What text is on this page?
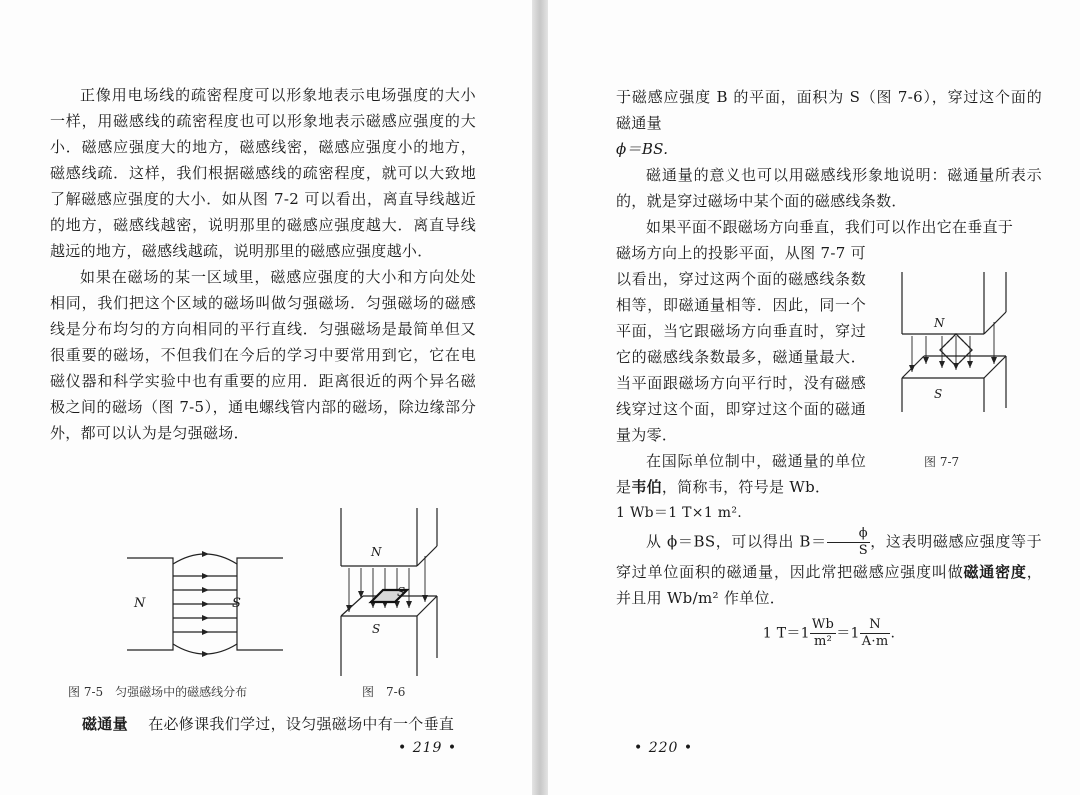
正像用电场线的疏密程度可以形象地表示电场强度的大小一样，用磁感线的疏密程度也可以形象地表示磁感应强度的大小．磁感应强度大的地方，磁感线密，磁感应强度小的地方，磁感线疏．这样，我们根据磁感线的疏密程度，就可以大致地了解磁感应强度的大小．如从图 7-2 可以看出，离直导线越近的地方，磁感线越密，说明那里的磁感应强度越大．离直导线越远的地方，磁感线越疏，说明那里的磁感应强度越小．

如果在磁场的某一区域里，磁感应强度的大小和方向处处相同，我们把这个区域的磁场叫做匀强磁场．匀强磁场的磁感线是分布均匀的方向相同的平行直线．匀强磁场是最简单但又很重要的磁场，不但我们在今后的学习中要常用到它，它在电磁仪器和科学实验中也有重要的应用．距离很近的两个异名磁极之间的磁场（图 7-5），通电螺线管内部的磁场，除边缘部分外，都可以认为是匀强磁场．

N	S
图 7-5　匀强磁场中的磁感线分布
N
S
S
图　7-6

磁通量 在必修课我们学过，设匀强磁场中有一个垂直

• 219 •

于磁感应强度 B 的平面，面积为 S（图 7-6），穿过这个面的磁通量

ϕ＝BS.

磁通量的意义也可以用磁感线形象地说明：磁通量所表示的，就是穿过磁场中某个面的磁感线条数．

如果平面不跟磁场方向垂直，我们可以作出它在垂直于

磁场方向上的投影平面，从图 7-7 可以看出，穿过这两个面的磁感线条数相等，即磁通量相等．因此，同一个平面，当它跟磁场方向垂直时，穿过它的磁感线条数最多，磁通量最大．当平面跟磁场方向平行时，没有磁感线穿过这个面，即穿过这个面的磁通量为零．

在国际单位制中，磁通量的单位是韦伯，简称韦，符号是 Wb．

N
S
图 7-7

1 Wb＝1 T×1 m².

从 ϕ＝BS，可以得出 $B= \frac{\phi}{S}$ ，这表明磁感应强度等于穿过单位面积的磁通量，因此常把磁感应强度叫做磁通密度，并且用 Wb/m² 作单位．

1 $T=1 \frac{Wb}{\text{m²}} =1 \frac{N}{A\cdot m}$ .
• 220 •
